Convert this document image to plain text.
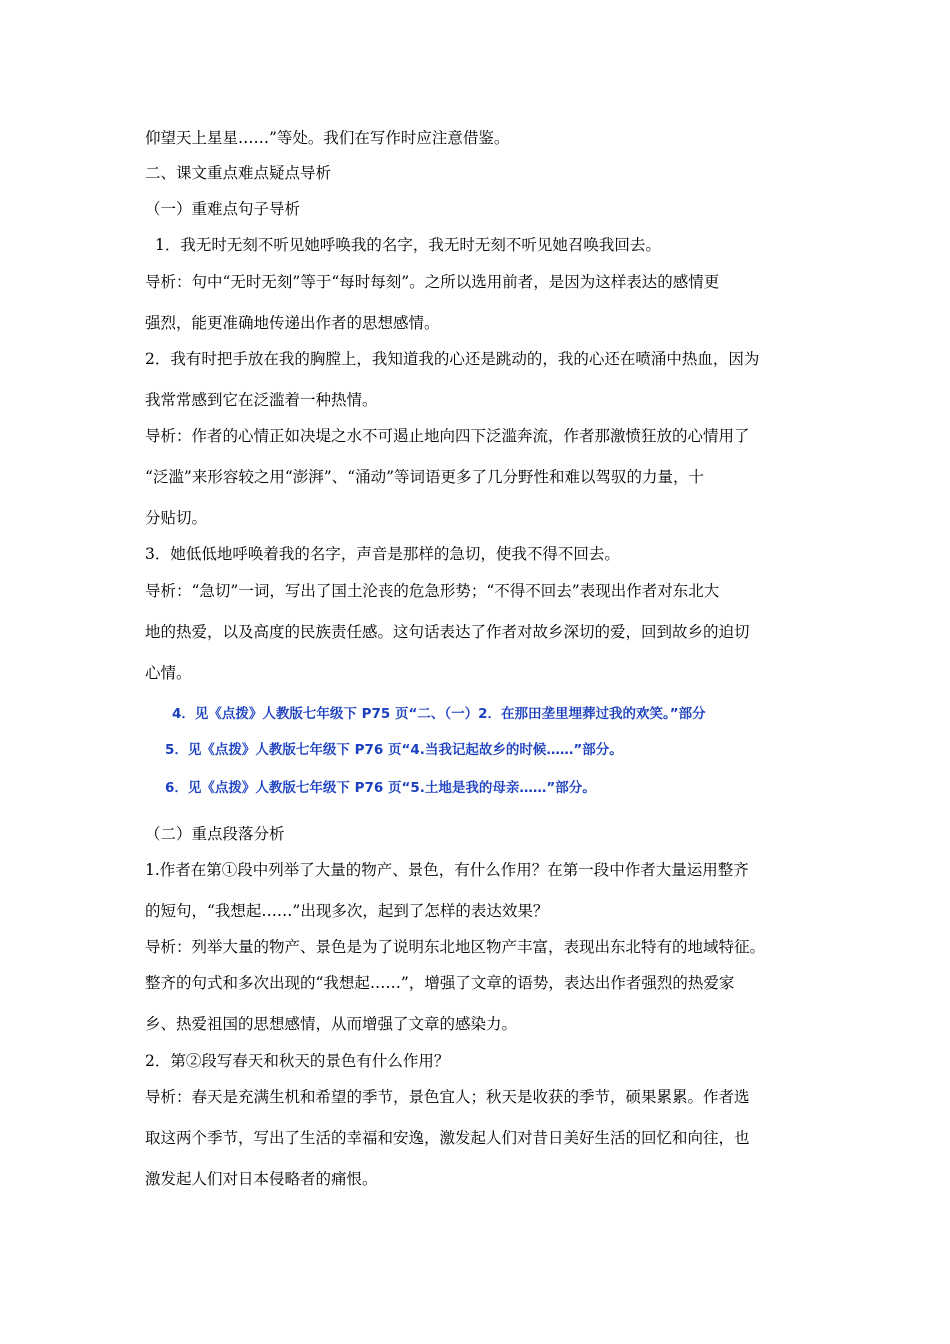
仰望天上星星……”等处。我们在写作时应注意借鉴。
二、课文重点难点疑点导析
（一）重难点句子导析
1．我无时无刻不听见她呼唤我的名字，我无时无刻不听见她召唤我回去。
导析：句中“无时无刻”等于“每时每刻”。之所以选用前者，是因为这样表达的感情更
强烈，能更准确地传递出作者的思想感情。
2．我有时把手放在我的胸膛上，我知道我的心还是跳动的，我的心还在喷涌中热血，因为
我常常感到它在泛滥着一种热情。
导析：作者的心情正如决堤之水不可遏止地向四下泛滥奔流，作者那激愤狂放的心情用了
“泛滥”来形容较之用“澎湃”、“涌动”等词语更多了几分野性和难以驾驭的力量，十
分贴切。
3．她低低地呼唤着我的名字，声音是那样的急切，使我不得不回去。
导析：“急切”一词，写出了国土沦丧的危急形势；“不得不回去”表现出作者对东北大
地的热爱，以及高度的民族责任感。这句话表达了作者对故乡深切的爱，回到故乡的迫切
心情。
4．见《点拨》人教版七年级下 P75 页“二、（一）2．在那田垄里埋葬过我的欢笑。”部分
5．见《点拨》人教版七年级下 P76 页“4.当我记起故乡的时候……”部分。
6．见《点拨》人教版七年级下 P76 页“5.土地是我的母亲……”部分。
（二）重点段落分析
1.作者在第①段中列举了大量的物产、景色，有什么作用？在第一段中作者大量运用整齐
的短句，“我想起……”出现多次，起到了怎样的表达效果？
导析：列举大量的物产、景色是为了说明东北地区物产丰富，表现出东北特有的地域特征。
整齐的句式和多次出现的“我想起……”，增强了文章的语势，表达出作者强烈的热爱家
乡、热爱祖国的思想感情，从而增强了文章的感染力。
2．第②段写春天和秋天的景色有什么作用？
导析：春天是充满生机和希望的季节，景色宜人；秋天是收获的季节，硕果累累。作者选
取这两个季节，写出了生活的幸福和安逸，激发起人们对昔日美好生活的回忆和向往，也
激发起人们对日本侵略者的痛恨。
